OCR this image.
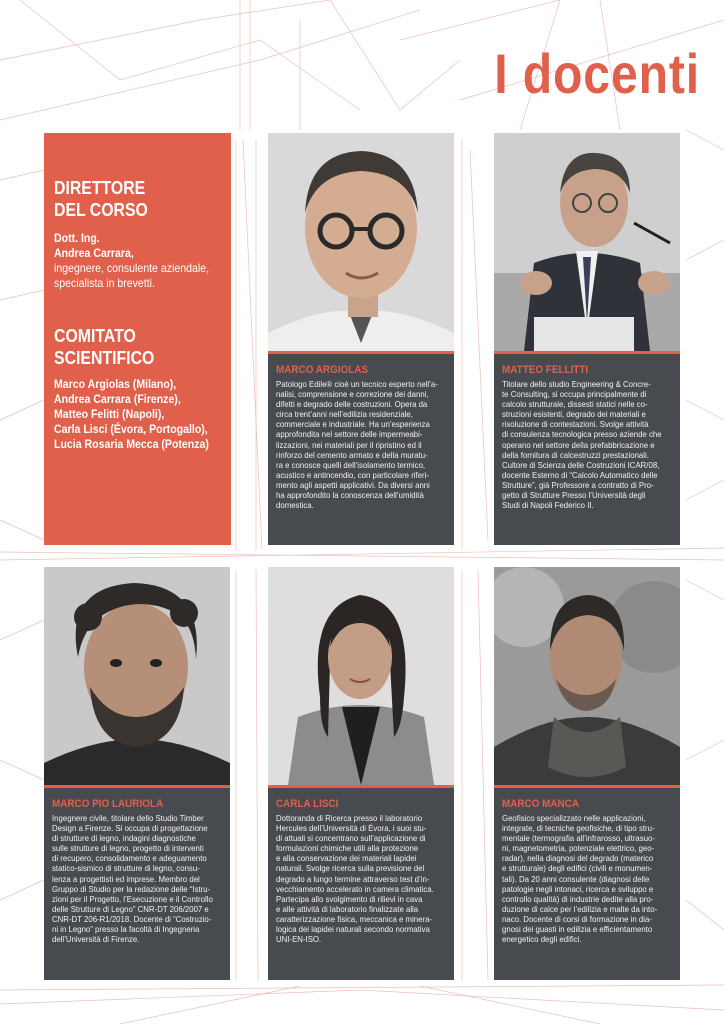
I docenti
DIRETTORE
DEL CORSO
Dott. Ing.
Andrea Carrara,
ingegnere, consulente aziendale,
specialista in brevetti.
COMITATO
SCIENTIFICO
Marco Argiolas (Milano),
Andrea Carrara (Firenze),
Matteo Felitti (Napoli),
Carla Lisci (Évora, Portogallo),
Lucia Rosaria Mecca (Potenza)
MARCO ARGIOLAS
Patologo Edile® cioè un tecnico esperto nell’a-
nalisi, comprensione e correzione dei danni,
difetti e degrado delle costruzioni. Opera da
circa trent’anni nell’edilizia residenziale,
commerciale e industriale. Ha un’esperienza
approfondita nel settore delle impermeabi-
lizzazioni, nei materiali per il ripristino ed il
rinforzo del cemento armato e della muratu-
ra e conosce quelli dell’isolamento termico,
acustico e antincendio, con particolare riferi-
mento agli aspetti applicativi. Da diversi anni
ha approfondito la conoscenza dell’umidità
domestica.
MATTEO FELLITTI
Titolare dello studio Engineering & Concre-
te Consulting, si occupa principalmente di
calcolo strutturale, dissesti statici nelle co-
struzioni esistenti, degrado dei materiali e
risoluzione di contestazioni. Svolge attività
di consulenza tecnologica presso aziende che
operano nel settore della prefabbricazione e
della fornitura di calcestruzzi prestazionali.
Cultore di Scienza delle Costruzioni ICAR/08,
docente Esterno di “Calcolo Automatico delle
Strutture”, già Professore a contratto di Pro-
getto di Strutture Presso l’Università degli
Studi di Napoli Federico II.
MARCO PIO LAURIOLA
Ingegnere civile, titolare dello Studio Timber
Design a Firenze. Si occupa di progettazione
di strutture di legno, indagini diagnostiche
sulle strutture di legno, progetto di interventi
di recupero, consolidamento e adeguamento
statico-sismico di strutture di legno, consu-
lenza a progettisti ed imprese. Membro del
Gruppo di Studio per la redazione delle “Istru-
zioni per il Progetto, l’Esecuzione e il Controllo
delle Strutture di Legno” CNR-DT 206/2007 e
CNR-DT 206-R1/2018. Docente di “Costruzio-
ni in Legno” presso la facoltà di Ingegneria
dell’Università di Firenze.
CARLA LISCI
Dottoranda di Ricerca presso il laboratorio
Hercules dell’Università di Évora, i suoi stu-
di attuali si concentrano sull’applicazione di
formulazioni chimiche utili alla protezione
e alla conservazione dei materiali lapidei
naturali. Svolge ricerca sulla previsione del
degrado a lungo termine attraverso test d’in-
vecchiamento accelerato in camera climatica.
Partecipa allo svolgimento di rilievi in cava
e alle attività di laboratorio finalizzate alla
caratterizzazione fisica, meccanica e minera-
logica dei lapidei naturali secondo normativa
UNI-EN-ISO.
MARCO MANCA
Geofisico specializzato nelle applicazioni,
integrate, di tecniche geofisiche, di tipo stru-
mentale (termografia all’infrarosso, ultrasuo-
ni, magnetometria, potenziale elettrico, geo-
radar), nella diagnosi del degrado (materico
e strutturale) degli edifici (civili e monumen-
tali). Da 20 anni consulente (diagnosi delle
patologie negli intonaci, ricerca e sviluppo e
controllo qualità) di industrie dedite alla pro-
duzione di calce per l’edilizia e malte da into-
naco. Docente di corsi di formazione in dia-
gnosi dei guasti in edilizia e efficientamento
energetico degli edifici.
